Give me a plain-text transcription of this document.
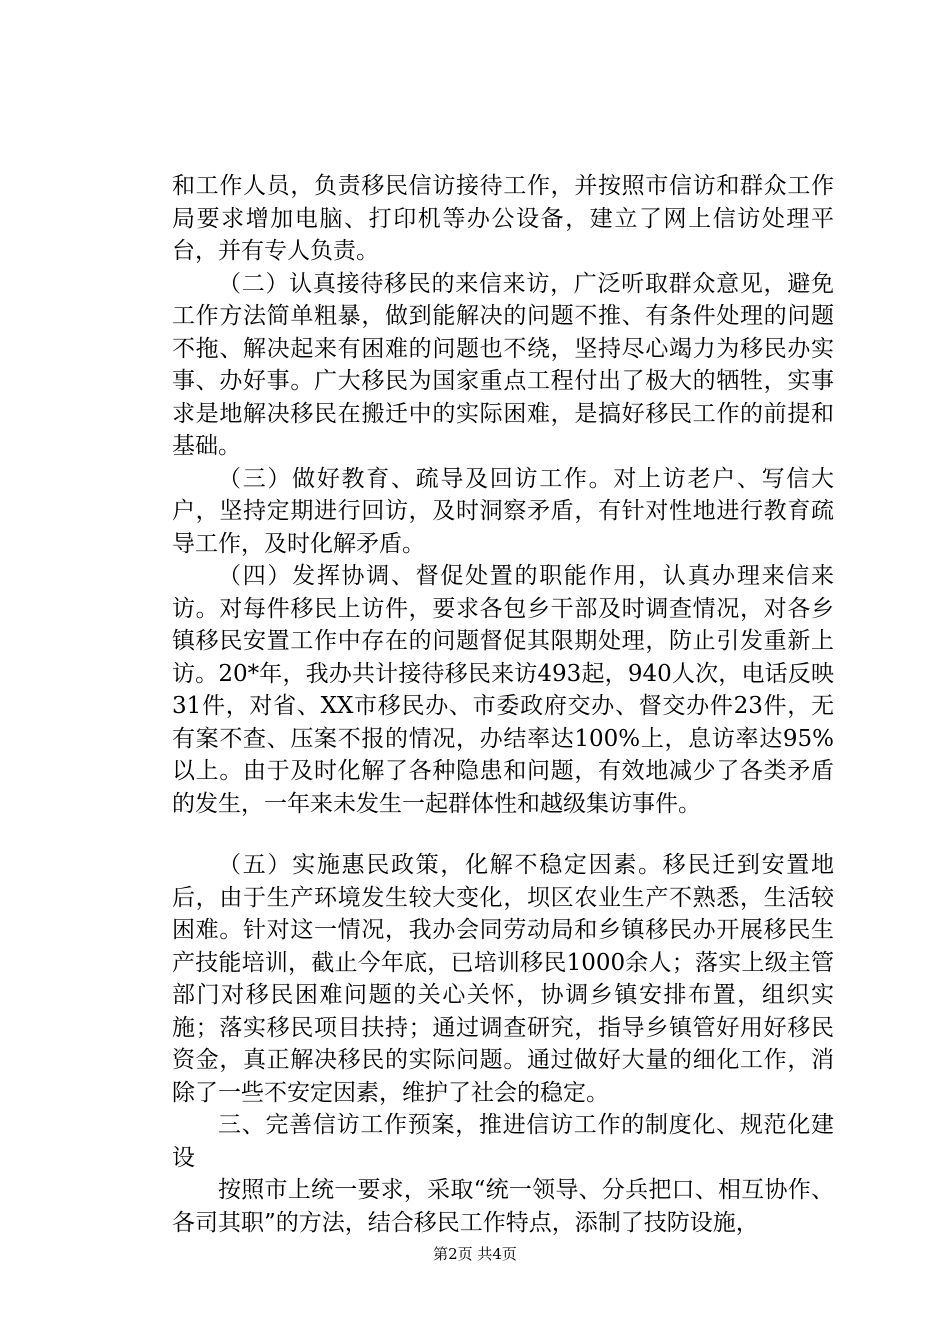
和工作人员，负责移民信访接待工作，并按照市信访和群众工作局要求增加电脑、打印机等办公设备，建立了网上信访处理平台，并有专人负责。

（二）认真接待移民的来信来访，广泛听取群众意见，避免工作方法简单粗暴，做到能解决的问题不推、有条件处理的问题不拖、解决起来有困难的问题也不绕，坚持尽心竭力为移民办实事、办好事。广大移民为国家重点工程付出了极大的牺牲，实事求是地解决移民在搬迁中的实际困难，是搞好移民工作的前提和基础。

（三）做好教育、疏导及回访工作。对上访老户、写信大户，坚持定期进行回访，及时洞察矛盾，有针对性地进行教育疏导工作，及时化解矛盾。

（四）发挥协调、督促处置的职能作用，认真办理来信来访。对每件移民上访件，要求各包乡干部及时调查情况，对各乡镇移民安置工作中存在的问题督促其限期处理，防止引发重新上访。20*年，我办共计接待移民来访493起，940人次，电话反映31件，对省、XX市移民办、市委政府交办、督交办件23件，无有案不查、压案不报的情况，办结率达100%上，息访率达95%以上。由于及时化解了各种隐患和问题，有效地减少了各类矛盾的发生，一年来未发生一起群体性和越级集访事件。

（五）实施惠民政策，化解不稳定因素。移民迁到安置地后，由于生产环境发生较大变化，坝区农业生产不熟悉，生活较困难。针对这一情况，我办会同劳动局和乡镇移民办开展移民生产技能培训，截止今年底，已培训移民1000余人；落实上级主管部门对移民困难问题的关心关怀，协调乡镇安排布置，组织实施；落实移民项目扶持；通过调查研究，指导乡镇管好用好移民资金，真正解决移民的实际问题。通过做好大量的细化工作，消除了一些不安定因素，维护了社会的稳定。

三、完善信访工作预案，推进信访工作的制度化、规范化建设

按照市上统一要求，采取“统一领导、分兵把口、相互协作、各司其职”的方法，结合移民工作特点，添制了技防设施，

第2页 共4页
